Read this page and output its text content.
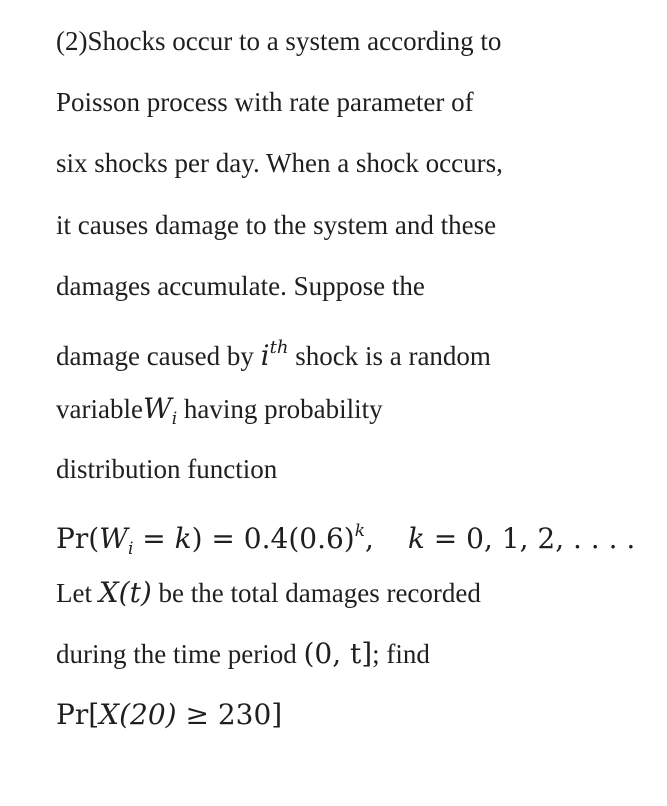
(2)Shocks occur to a system according to
Poisson process with rate parameter of
six shocks per day. When a shock occurs,
it causes damage to the system and these
damages accumulate. Suppose the
damage caused by $i^{th}$ shock is a random
variableW$_i$ having probability
distribution function
$Pr(W_i = k) = 0.4(0.6)^k$, k = 0, 1, 2, . . . .
Let X(t) be the total damages recorded
during the time period (0, t]; find
Pr[X(20) ≥ 230]
